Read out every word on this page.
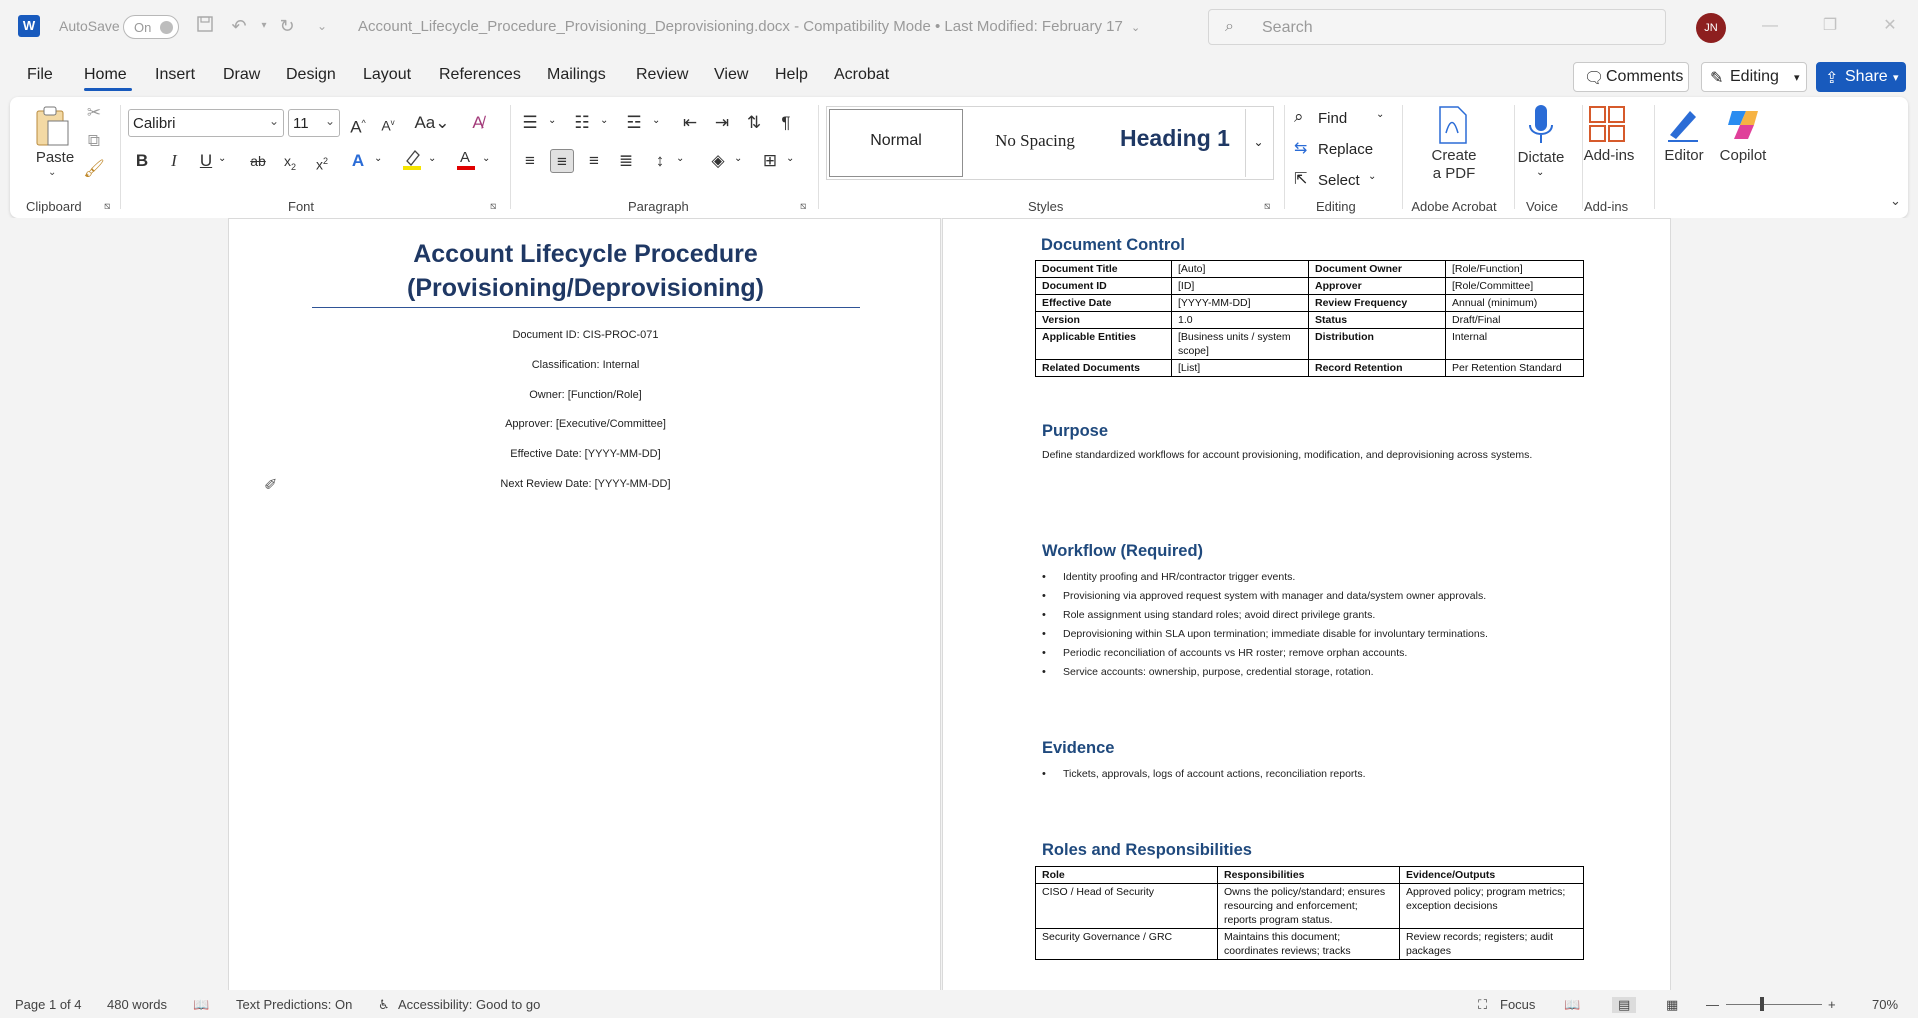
W	AutoSave On	↶	▾ ↻	⌄	Account_Lifecycle_Procedure_Provisioning_Deprovisioning.docx - Compatibility Mode • Last Modified: February 17 ⌄	⌕ Search	JN	—	❐	✕
File Home Insert Draw Design Layout References Mailings Review View Help Acrobat	🗨 Comments ✎ Editing ▾ ⇪ Share ▾
Paste
⌄
✂
⧉
🖌
Clipboard ⧅
Calibri	⌄ 11 ⌄ A^	$A^v$	Aa⌄	A̸
B	I	U ⌄	ab	$x_2$	$x^2$	A ⌄	⌄ A ⌄
Font	⧅
☰	⌄ ☷	⌄ ☲	⌄ ⇤ ⇥ ⇅	¶
≡	≡	≡	≣	↕	⌄	◈ ⌄ ⊞ ⌄
Paragraph	⧅
Normal	No Spacing	Heading 1	⌄
Styles	⧅
⌕ Find	⌄
⇆ Replace
⇱ Select ⌄
Editing
Create
a PDF
Adobe Acrobat
Dictate
⌄
Voice
Add-ins
Add-ins
Editor	Copilot
⌄
Account Lifecycle Procedure
(Provisioning/Deprovisioning)
Document ID: CIS-PROC-071
Classification: Internal
Owner: [Function/Role]
Approver: [Executive/Committee]
Effective Date: [YYYY-MM-DD]
Next Review Date: [YYYY-MM-DD]
✐
Document Control
Document Title	[Auto]	Document Owner	[Role/Function]
Document ID	[ID]	Approver	[Role/Committee]
Effective Date	[YYYY-MM-DD]	Review Frequency	Annual (minimum)
Version	1.0	Status	Draft/Final
Applicable Entities	[Business units / system scope]	Distribution	Internal
Related Documents	[List]	Record Retention	Per Retention Standard
Purpose
Define standardized workflows for account provisioning, modification, and deprovisioning across systems.
Workflow (Required)
• Identity proofing and HR/contractor trigger events.
• Provisioning via approved request system with manager and data/system owner approvals.
• Role assignment using standard roles; avoid direct privilege grants.
• Deprovisioning within SLA upon termination; immediate disable for involuntary terminations.
• Periodic reconciliation of accounts vs HR roster; remove orphan accounts.
• Service accounts: ownership, purpose, credential storage, rotation.
Evidence
• Tickets, approvals, logs of account actions, reconciliation reports.
Roles and Responsibilities
Role	Responsibilities	Evidence/Outputs
CISO / Head of Security	Owns the policy/standard; ensures resourcing and enforcement; reports program status.	Approved policy; program metrics; exception decisions
Security Governance / GRC	Maintains this document; coordinates reviews; tracks	Review records; registers; audit packages
Page 1 of 4 480 words 📖 Text Predictions: On ♿ Accessibility: Good to go	⛶ Focus 📖	▤	▦ —	+	70%
